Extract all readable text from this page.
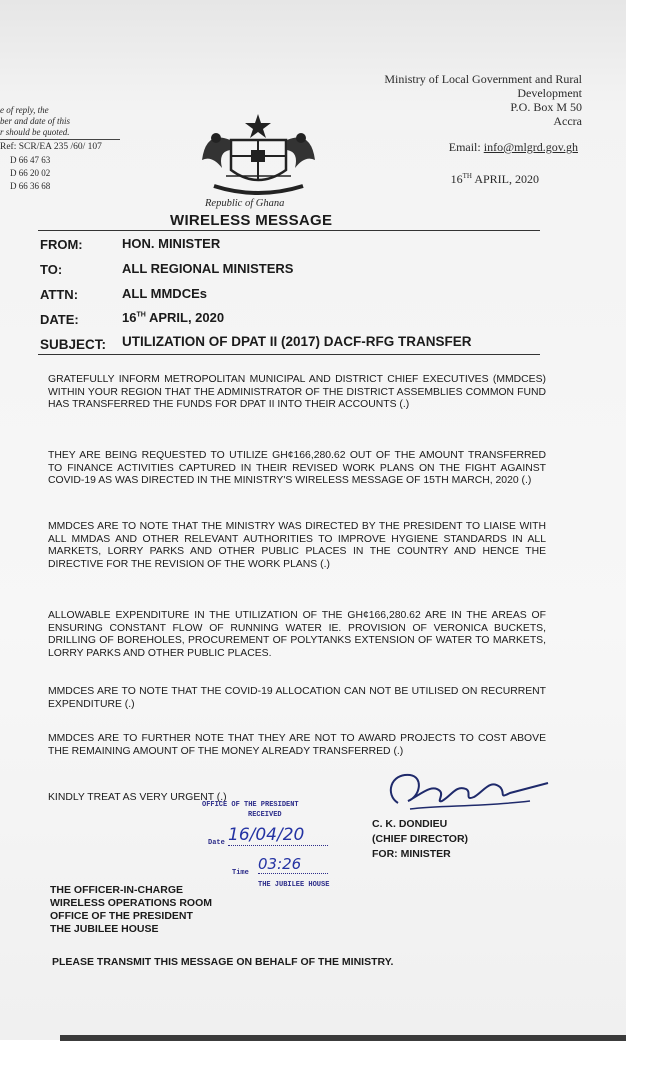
e of reply, the
ber and date of this
r should be quoted.
Ref: SCR/EA 235 /60/ 107
D 66 47 63
D 66 20 02
D 66 36 68
Republic of Ghana
WIRELESS MESSAGE
Ministry of Local Government and Rural
Development
P.O. Box M 50
Accra
Email: info@mlgrd.gov.gh
16TH APRIL, 2020
FROM:	HON. MINISTER
TO:	ALL REGIONAL MINISTERS
ATTN:	ALL MMDCEs
DATE:	16TH APRIL, 2020
SUBJECT: UTILIZATION OF DPAT II (2017) DACF-RFG TRANSFER
GRATEFULLY INFORM METROPOLITAN MUNICIPAL AND DISTRICT CHIEF EXECUTIVES (MMDCES) WITHIN YOUR REGION THAT THE ADMINISTRATOR OF THE DISTRICT ASSEMBLIES COMMON FUND HAS TRANSFERRED THE FUNDS FOR DPAT II INTO THEIR ACCOUNTS (.)
THEY ARE BEING REQUESTED TO UTILIZE GH¢166,280.62 OUT OF THE AMOUNT TRANSFERRED TO FINANCE ACTIVITIES CAPTURED IN THEIR REVISED WORK PLANS ON THE FIGHT AGAINST COVID-19 AS WAS DIRECTED IN THE MINISTRY'S WIRELESS MESSAGE OF 15TH MARCH, 2020 (.)
MMDCES ARE TO NOTE THAT THE MINISTRY WAS DIRECTED BY THE PRESIDENT TO LIAISE WITH ALL MMDAS AND OTHER RELEVANT AUTHORITIES TO IMPROVE HYGIENE STANDARDS IN ALL MARKETS, LORRY PARKS AND OTHER PUBLIC PLACES IN THE COUNTRY AND HENCE THE DIRECTIVE FOR THE REVISION OF THE WORK PLANS (.)
ALLOWABLE EXPENDITURE IN THE UTILIZATION OF THE GH¢166,280.62 ARE IN THE AREAS OF ENSURING CONSTANT FLOW OF RUNNING WATER IE. PROVISION OF VERONICA BUCKETS, DRILLING OF BOREHOLES, PROCUREMENT OF POLYTANKS EXTENSION OF WATER TO MARKETS, LORRY PARKS AND OTHER PUBLIC PLACES.
MMDCES ARE TO NOTE THAT THE COVID-19 ALLOCATION CAN NOT BE UTILISED ON RECURRENT EXPENDITURE (.)
MMDCES ARE TO FURTHER NOTE THAT THEY ARE NOT TO AWARD PROJECTS TO COST ABOVE THE REMAINING AMOUNT OF THE MONEY ALREADY TRANSFERRED (.)
KINDLY TREAT AS VERY URGENT (.)
C. K. DONDIEU
(CHIEF DIRECTOR)
FOR: MINISTER
OFFICE OF THE PRESIDENT
RECEIVED
Date 16/04/20
Time 03:26
THE JUBILEE HOUSE
THE OFFICER-IN-CHARGE
WIRELESS OPERATIONS ROOM
OFFICE OF THE PRESIDENT
THE JUBILEE HOUSE
PLEASE TRANSMIT THIS MESSAGE ON BEHALF OF THE MINISTRY.
